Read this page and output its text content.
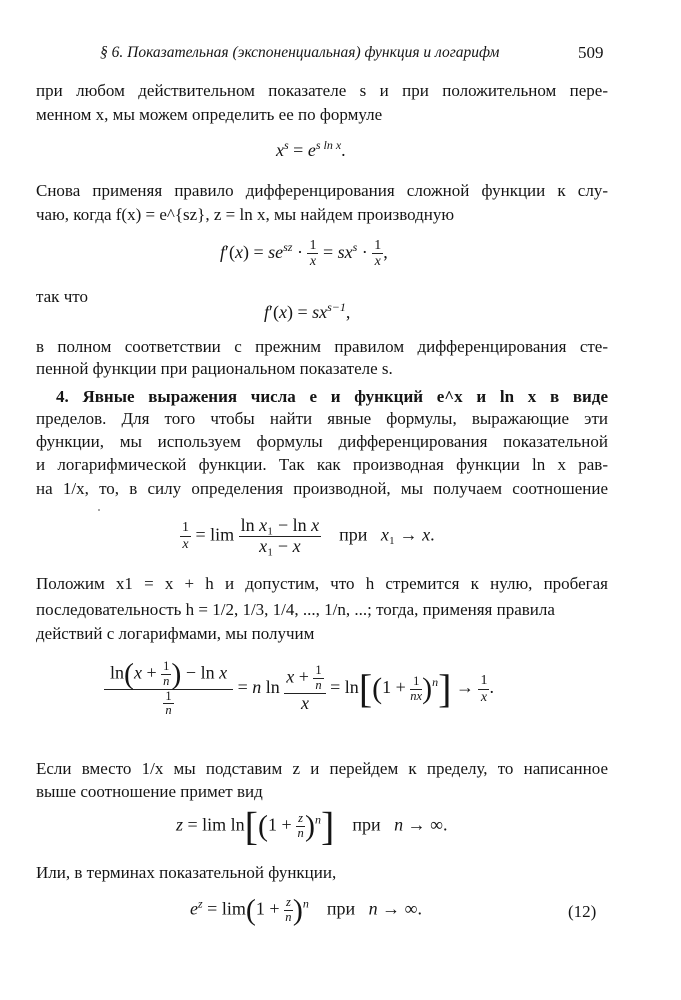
§ 6. Показательная (экспоненциальная) функция и логарифм	509
при любом действительном показателе s и при положительном пере-
менном x, мы можем определить ее по формуле
$x^s = e^{s ln x}$.
Снова применяя правило дифференцирования сложной функции к слу-
чаю, когда f(x) = e^{sz}, z = ln x, мы найдем производную
$f'(x) = se^{sz} \cdot \frac{1}{x} = sx^s \cdot \frac{1}{x}$ ,
так что
$f'(x) = sx^{s-1}$,
в полном соответствии с прежним правилом дифференцирования сте-
пенной функции при рациональном показателе s.
4. Явные выражения числа e и функций e^x и ln x в виде
пределов. Для того чтобы найти явные формулы, выражающие эти
функции, мы используем формулы дифференцирования показательной
и логарифмической функции. Так как производная функции ln x рав-
на 1/x, то, в силу определения производной, мы получаем соотношение
$\frac{1}{x} = \lim \frac{\text{ln x₁ − ln x}}{\text{x₁ − x}}$ при   x₁ → x.
Положим x1 = x + h и допустим, что h стремится к нулю, пробегая
последовательность h = 1/2, 1/3, 1/4, ..., 1/n, ...; тогда, применяя правила
действий с логарифмами, мы получим
$\frac{\ln(x + \frac{1}{n} ) - \ln x}{\frac{1}{n}} = n$ $\ln \frac{x + \frac{1}{n}}{x} = \ln[(1 + \frac{1}{nx} )^n] \to \frac{1}{x}$ .
Если вместо 1/x мы подставим z и перейдем к пределу, то написанное
выше соотношение примет вид
$z = \lim \ln[(1 + \frac{z}{n} )^n]$    при   n → ∞.
Или, в терминах показательной функции,
$e^z = \lim(1 + \frac{z}{n} )^n$    при   n → ∞.	(12)
